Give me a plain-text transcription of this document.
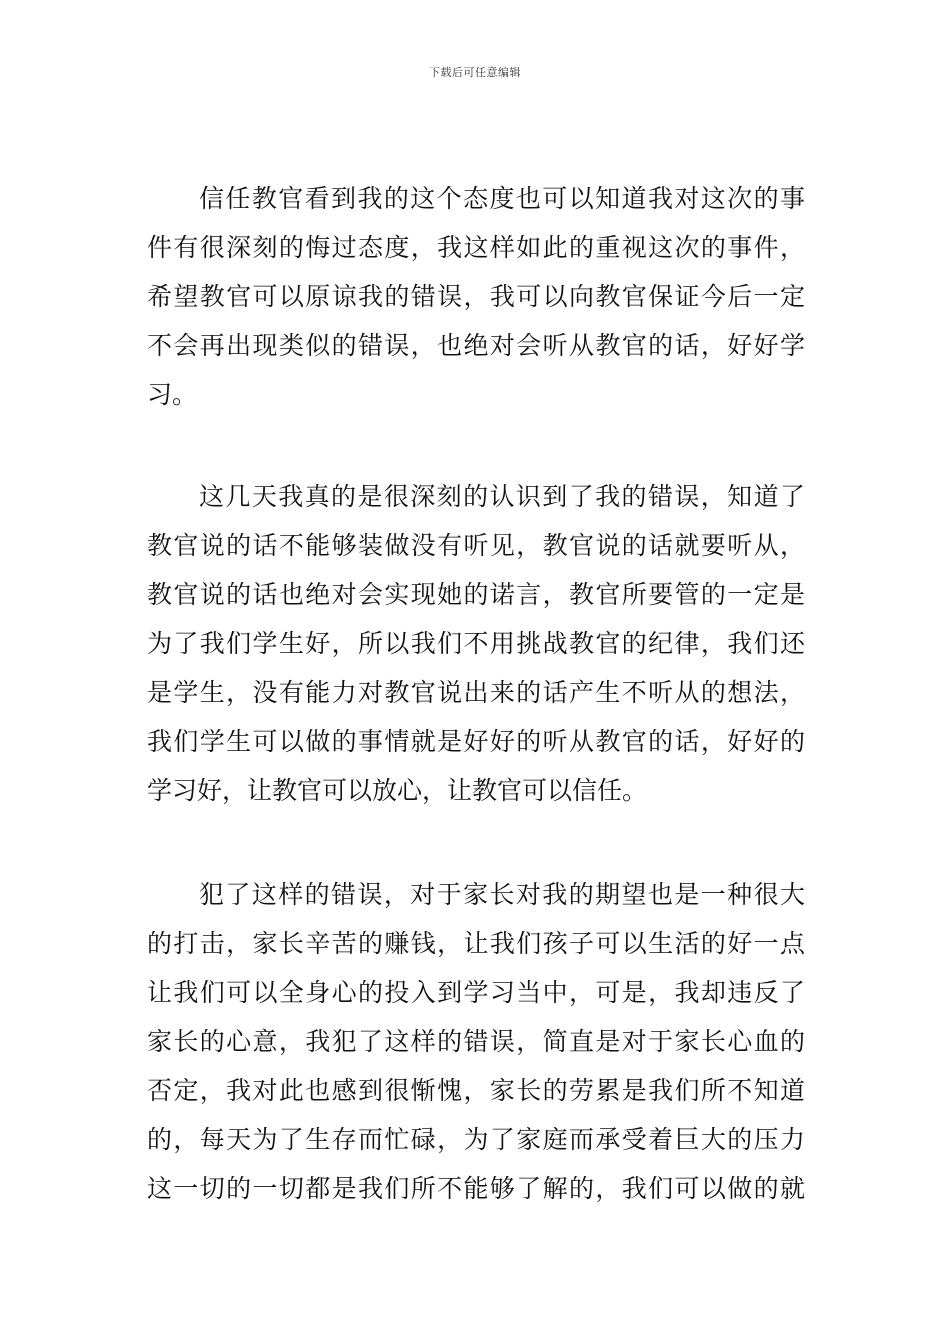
下载后可任意编辑
信任教官看到我的这个态度也可以知道我对这次的事
件有很深刻的悔过态度，我这样如此的重视这次的事件，
希望教官可以原谅我的错误，我可以向教官保证今后一定
不会再出现类似的错误，也绝对会听从教官的话，好好学
习。
这几天我真的是很深刻的认识到了我的错误，知道了
教官说的话不能够装做没有听见，教官说的话就要听从，
教官说的话也绝对会实现她的诺言，教官所要管的一定是
为了我们学生好，所以我们不用挑战教官的纪律，我们还
是学生，没有能力对教官说出来的话产生不听从的想法，
我们学生可以做的事情就是好好的听从教官的话，好好的
学习好，让教官可以放心，让教官可以信任。
犯了这样的错误，对于家长对我的期望也是一种很大
的打击，家长辛苦的赚钱，让我们孩子可以生活的好一点
让我们可以全身心的投入到学习当中，可是，我却违反了
家长的心意，我犯了这样的错误，简直是对于家长心血的
否定，我对此也感到很惭愧，家长的劳累是我们所不知道
的，每天为了生存而忙碌，为了家庭而承受着巨大的压力
这一切的一切都是我们所不能够了解的，我们可以做的就
